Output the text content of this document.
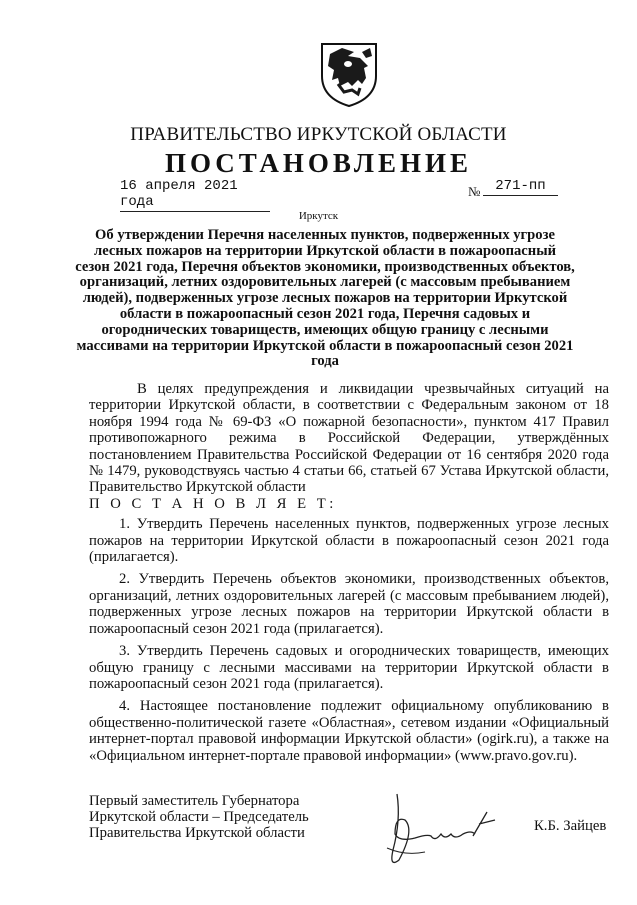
ПРАВИТЕЛЬСТВО ИРКУТСКОЙ ОБЛАСТИ
ПОСТАНОВЛЕНИЕ
16 апреля 2021 года
№	271-пп
Иркутск
Об утверждении Перечня населенных пунктов, подверженных угрозе лесных пожаров на территории Иркутской области в пожароопасный сезон 2021 года, Перечня объектов экономики, производственных объектов, организаций, летних оздоровительных лагерей (с массовым пребыванием людей), подверженных угрозе лесных пожаров на территории Иркутской области в пожароопасный сезон 2021 года, Перечня садовых и огороднических товариществ, имеющих общую границу с лесными массивами на территории Иркутской области в пожароопасный сезон 2021 года

В целях предупреждения и ликвидации чрезвычайных ситуаций на территории Иркутской области, в соответствии с Федеральным законом от 18 ноября 1994 года № 69-ФЗ «О пожарной безопасности», пунктом 417 Правил противопожарного режима в Российской Федерации, утверждённых постановлением Правительства Российской Федерации от 16 сентября 2020 года № 1479, руководствуясь частью 4 статьи 66, статьей 67 Устава Иркутской области, Правительство Иркутской области

П О С Т А Н О В Л Я Е Т:

1. Утвердить Перечень населенных пунктов, подверженных угрозе лесных пожаров на территории Иркутской области в пожароопасный сезон 2021 года (прилагается).

2. Утвердить Перечень объектов экономики, производственных объектов, организаций, летних оздоровительных лагерей (с массовым пребыванием людей), подверженных угрозе лесных пожаров на территории Иркутской области в пожароопасный сезон 2021 года (прилагается).

3. Утвердить Перечень садовых и огороднических товариществ, имеющих общую границу с лесными массивами на территории Иркутской области в пожароопасный сезон 2021 года (прилагается).

4. Настоящее постановление подлежит официальному опубликованию в общественно-политической газете «Областная», сетевом издании «Официальный интернет-портал правовой информации Иркутской области» (ogirk.ru), а также на «Официальном интернет-портале правовой информации» (www.pravo.gov.ru).

Первый заместитель Губернатора
Иркутской области – Председатель
Правительства Иркутской области	К.Б. Зайцев
